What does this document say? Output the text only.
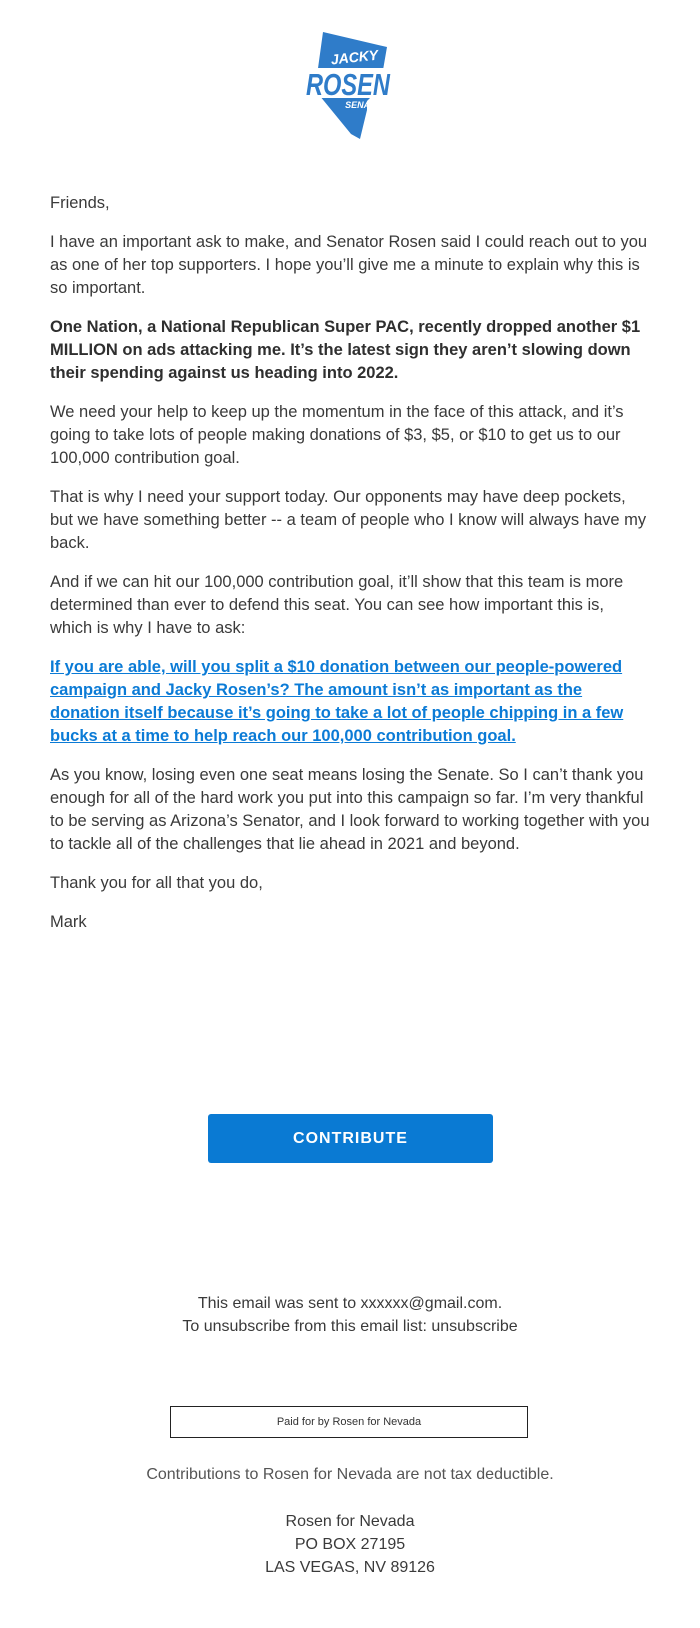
JACKY
ROSEN
SENATE

Friends,

I have an important ask to make, and Senator Rosen said I could reach out to you as one of her top supporters. I hope you’ll give me a minute to explain why this is so important.

One Nation, a National Republican Super PAC, recently dropped another $1 MILLION on ads attacking me. It’s the latest sign they aren’t slowing down their spending against us heading into 2022.

We need your help to keep up the momentum in the face of this attack, and it’s going to take lots of people making donations of $3, $5, or $10 to get us to our 100,000 contribution goal.

That is why I need your support today. Our opponents may have deep pockets, but we have something better -- a team of people who I know will always have my back.

And if we can hit our 100,000 contribution goal, it’ll show that this team is more determined than ever to defend this seat. You can see how important this is, which is why I have to ask:

If you are able, will you split a $10 donation between our people-powered campaign and Jacky Rosen’s? The amount isn’t as important as the donation itself because it’s going to take a lot of people chipping in a few bucks at a time to help reach our 100,000 contribution goal.

As you know, losing even one seat means losing the Senate. So I can’t thank you enough for all of the hard work you put into this campaign so far. I’m very thankful to be serving as Arizona’s Senator, and I look forward to working together with you to tackle all of the challenges that lie ahead in 2021 and beyond.

Thank you for all that you do,

Mark

CONTRIBUTE
This email was sent to xxxxxx@gmail.com.
To unsubscribe from this email list: unsubscribe
Paid for by Rosen for Nevada
Contributions to Rosen for Nevada are not tax deductible.
Rosen for Nevada
PO BOX 27195
LAS VEGAS, NV 89126
